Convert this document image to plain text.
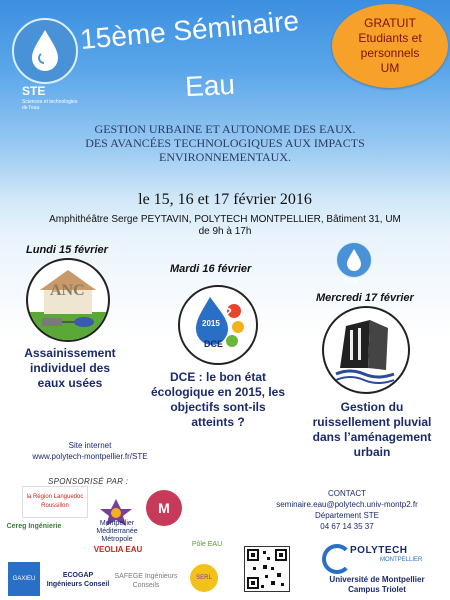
STE
Sciences et technologies de l'eau
15ème Séminaire
Eau
GRATUIT
Etudiants et
personnels
UM
GESTION URBAINE ET AUTONOME DES EAUX.
DES AVANCÉES TECHNOLOGIQUES AUX IMPACTS
ENVIRONNEMENTAUX.
le 15, 16 et 17 février 2016
Amphithéâtre Serge PEYTAVIN, POLYTECH MONTPELLIER, Bâtiment 31, UM
de 9h à 17h
Lundi 15 février
ANC
Assainissement
individuel des
eaux usées
Mardi 16 février
?
2015
DCE
DCE : le bon état
écologique en 2015, les
objectifs sont-ils
atteints ?
STE
Mercredi 17 février
Gestion du
ruissellement pluvial
dans l’aménagement
urbain
Site internet
www.polytech-montpellier.fr/STE
SPONSORISÉ PAR :
la Région Languedoc Roussillon
Montpellier Méditerranée Métropole
M
Cereg Ingénierie
VEOLIA EAU
Pôle EAU
GAXIEU	ECOGAP Ingénieurs Conseil
SAFEGE Ingénieurs Conseils
SERL
CONTACT
seminaire.eau@polytech.univ-montp2.fr
Département STE
04 67 14 35 37
POLYTECH
MONTPELLIER
Université de Montpellier
Campus Triolet
